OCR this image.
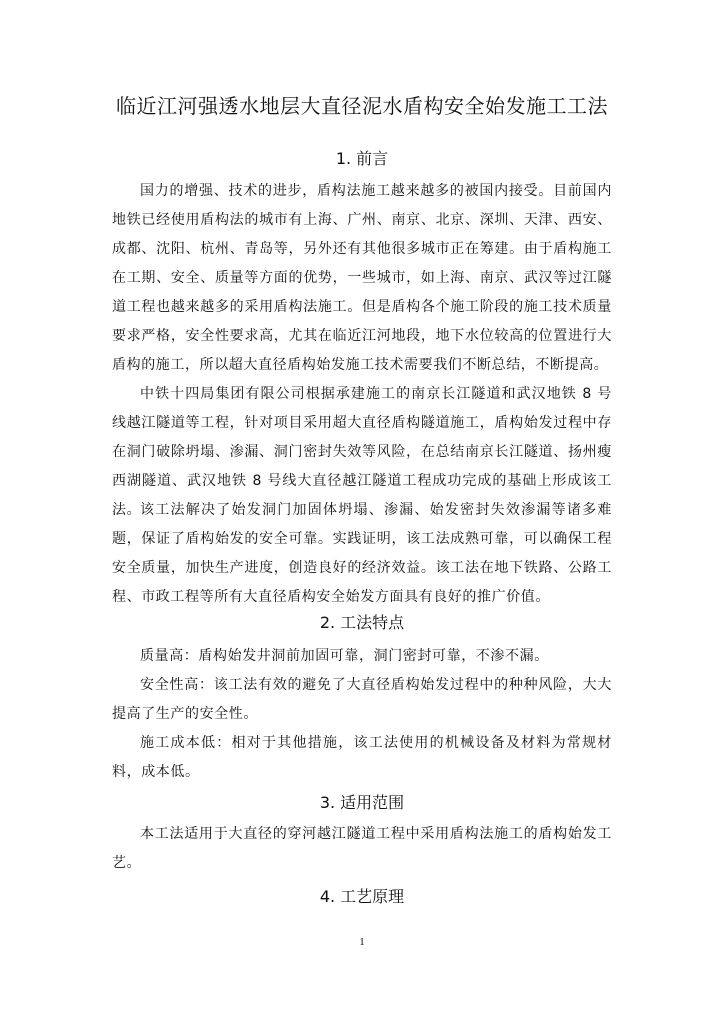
临近江河强透水地层大直径泥水盾构安全始发施工工法
1. 前言

国力的增强、技术的进步，盾构法施工越来越多的被国内接受。目前国内地铁已经使用盾构法的城市有上海、广州、南京、北京、深圳、天津、西安、成都、沈阳、杭州、青岛等，另外还有其他很多城市正在筹建。由于盾构施工在工期、安全、质量等方面的优势，一些城市，如上海、南京、武汉等过江隧道工程也越来越多的采用盾构法施工。但是盾构各个施工阶段的施工技术质量要求严格，安全性要求高，尤其在临近江河地段，地下水位较高的位置进行大盾构的施工，所以超大直径盾构始发施工技术需要我们不断总结，不断提高。

中铁十四局集团有限公司根据承建施工的南京长江隧道和武汉地铁 8 号线越江隧道等工程，针对项目采用超大直径盾构隧道施工，盾构始发过程中存在洞门破除坍塌、渗漏、洞门密封失效等风险，在总结南京长江隧道、扬州瘦西湖隧道、武汉地铁 8 号线大直径越江隧道工程成功完成的基础上形成该工法。

该工法解决了始发洞门加固体坍塌、渗漏、始发密封失效渗漏等诸多难题，保证了盾构始发的安全可靠。实践证明，该工法成熟可靠，可以确保工程安全质量，加快生产进度，创造良好的经济效益。该工法在地下铁路、公路工程、市政工程等所有大直径盾构安全始发方面具有良好的推广价值。

2. 工法特点

质量高：盾构始发井洞前加固可靠，洞门密封可靠，不渗不漏。

安全性高：该工法有效的避免了大直径盾构始发过程中的种种风险，大大提高了生产的安全性。

施工成本低：相对于其他措施，该工法使用的机械设备及材料为常规材料，成本低。

3. 适用范围

本工法适用于大直径的穿河越江隧道工程中采用盾构法施工的盾构始发工艺。

4. 工艺原理
1
